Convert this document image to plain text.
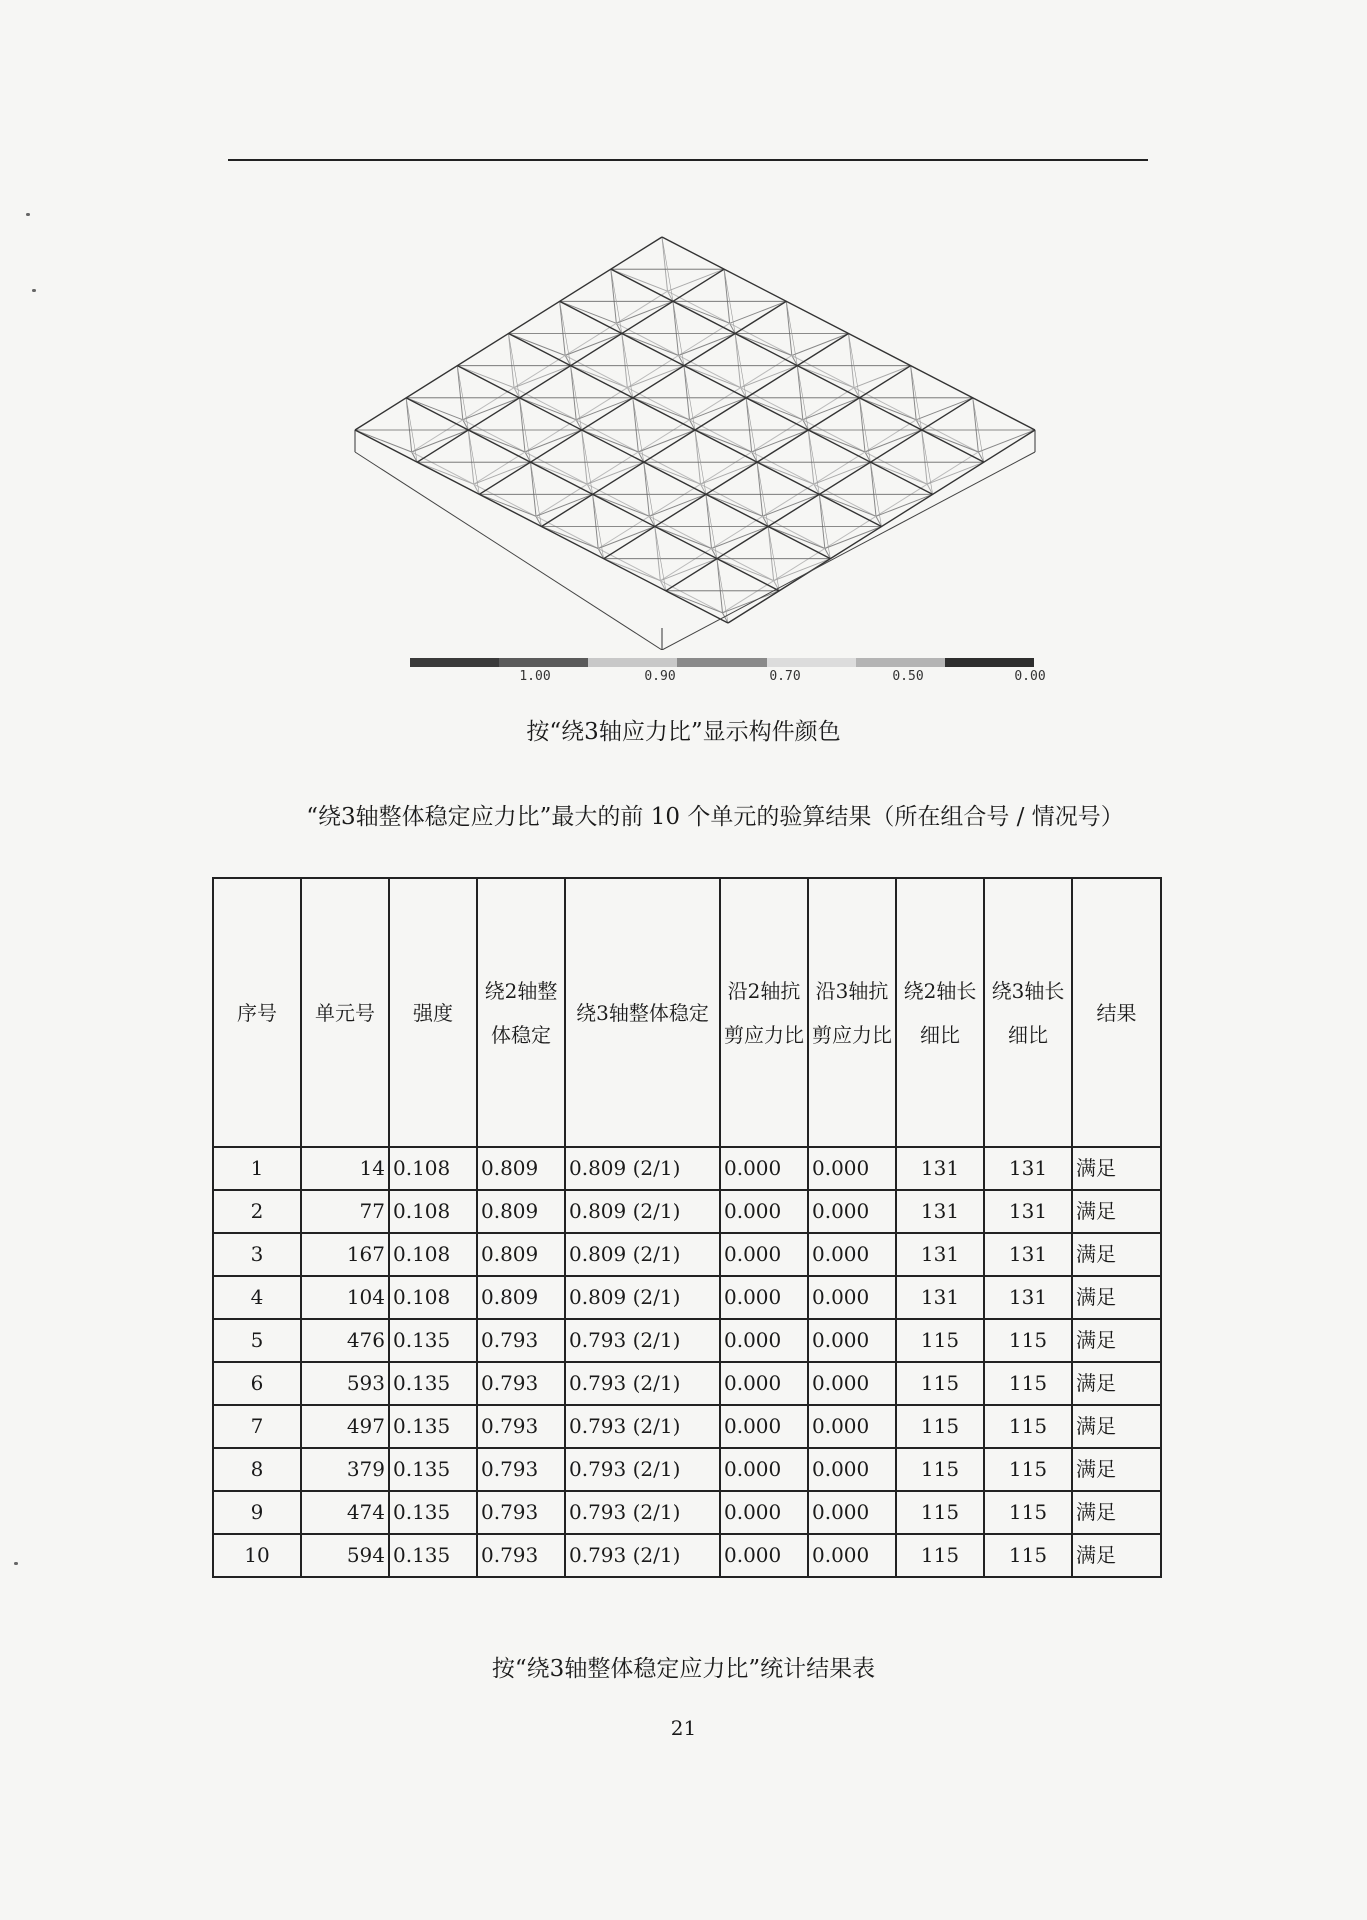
1.00	0.90	0.70	0.50	0.00
按“绕3轴应力比”显示构件颜色
“绕3轴整体稳定应力比”最大的前 10 个单元的验算结果（所在组合号 / 情况号）
序号	单元号	强度	绕2轴整体稳定	绕3轴整体稳定	沿2轴抗剪应力比	沿3轴抗剪应力比	绕2轴长细比	绕3轴长细比	结果
1	14	0.108	0.809	0.809 (2/1)	0.000	0.000	131	131	满足
2	77	0.108	0.809	0.809 (2/1)	0.000	0.000	131	131	满足
3	167	0.108	0.809	0.809 (2/1)	0.000	0.000	131	131	满足
4	104	0.108	0.809	0.809 (2/1)	0.000	0.000	131	131	满足
5	476	0.135	0.793	0.793 (2/1)	0.000	0.000	115	115	满足
6	593	0.135	0.793	0.793 (2/1)	0.000	0.000	115	115	满足
7	497	0.135	0.793	0.793 (2/1)	0.000	0.000	115	115	满足
8	379	0.135	0.793	0.793 (2/1)	0.000	0.000	115	115	满足
9	474	0.135	0.793	0.793 (2/1)	0.000	0.000	115	115	满足
10	594	0.135	0.793	0.793 (2/1)	0.000	0.000	115	115	满足
按“绕3轴整体稳定应力比”统计结果表
21
